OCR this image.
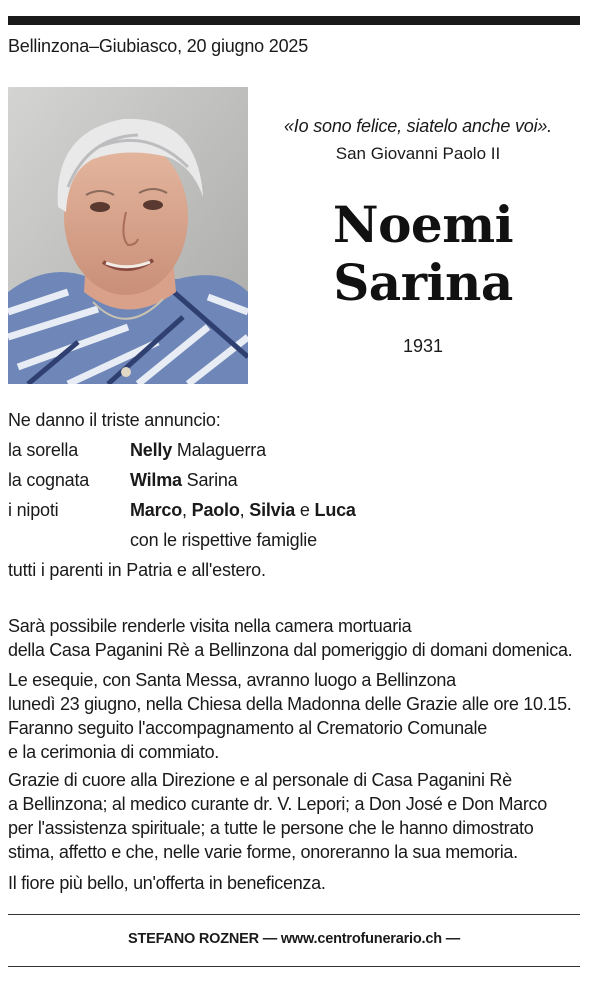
Bellinzona–Giubiasco, 20 giugno 2025
«Io sono felice, siatelo anche voi».
San Giovanni Paolo II
Noemi
Sarina
1931
Ne danno il triste annuncio:
la sorella	Nelly Malaguerra
la cognata	Wilma Sarina
i nipoti	Marco, Paolo, Silvia e Luca
con le rispettive famiglie
tutti i parenti in Patria e all'estero.
Sarà possibile renderle visita nella camera mortuaria
della Casa Paganini Rè a Bellinzona dal pomeriggio di domani domenica.
Le esequie, con Santa Messa, avranno luogo a Bellinzona
lunedì 23 giugno, nella Chiesa della Madonna delle Grazie alle ore 10.15.
Faranno seguito l'accompagnamento al Crematorio Comunale
e la cerimonia di commiato.
Grazie di cuore alla Direzione e al personale di Casa Paganini Rè
a Bellinzona; al medico curante dr. V. Lepori; a Don José e Don Marco
per l'assistenza spirituale; a tutte le persone che le hanno dimostrato
stima, affetto e che, nelle varie forme, onoreranno la sua memoria.
Il fiore più bello, un'offerta in beneficenza.
STEFANO ROZNER — www.centrofunerario.ch —
